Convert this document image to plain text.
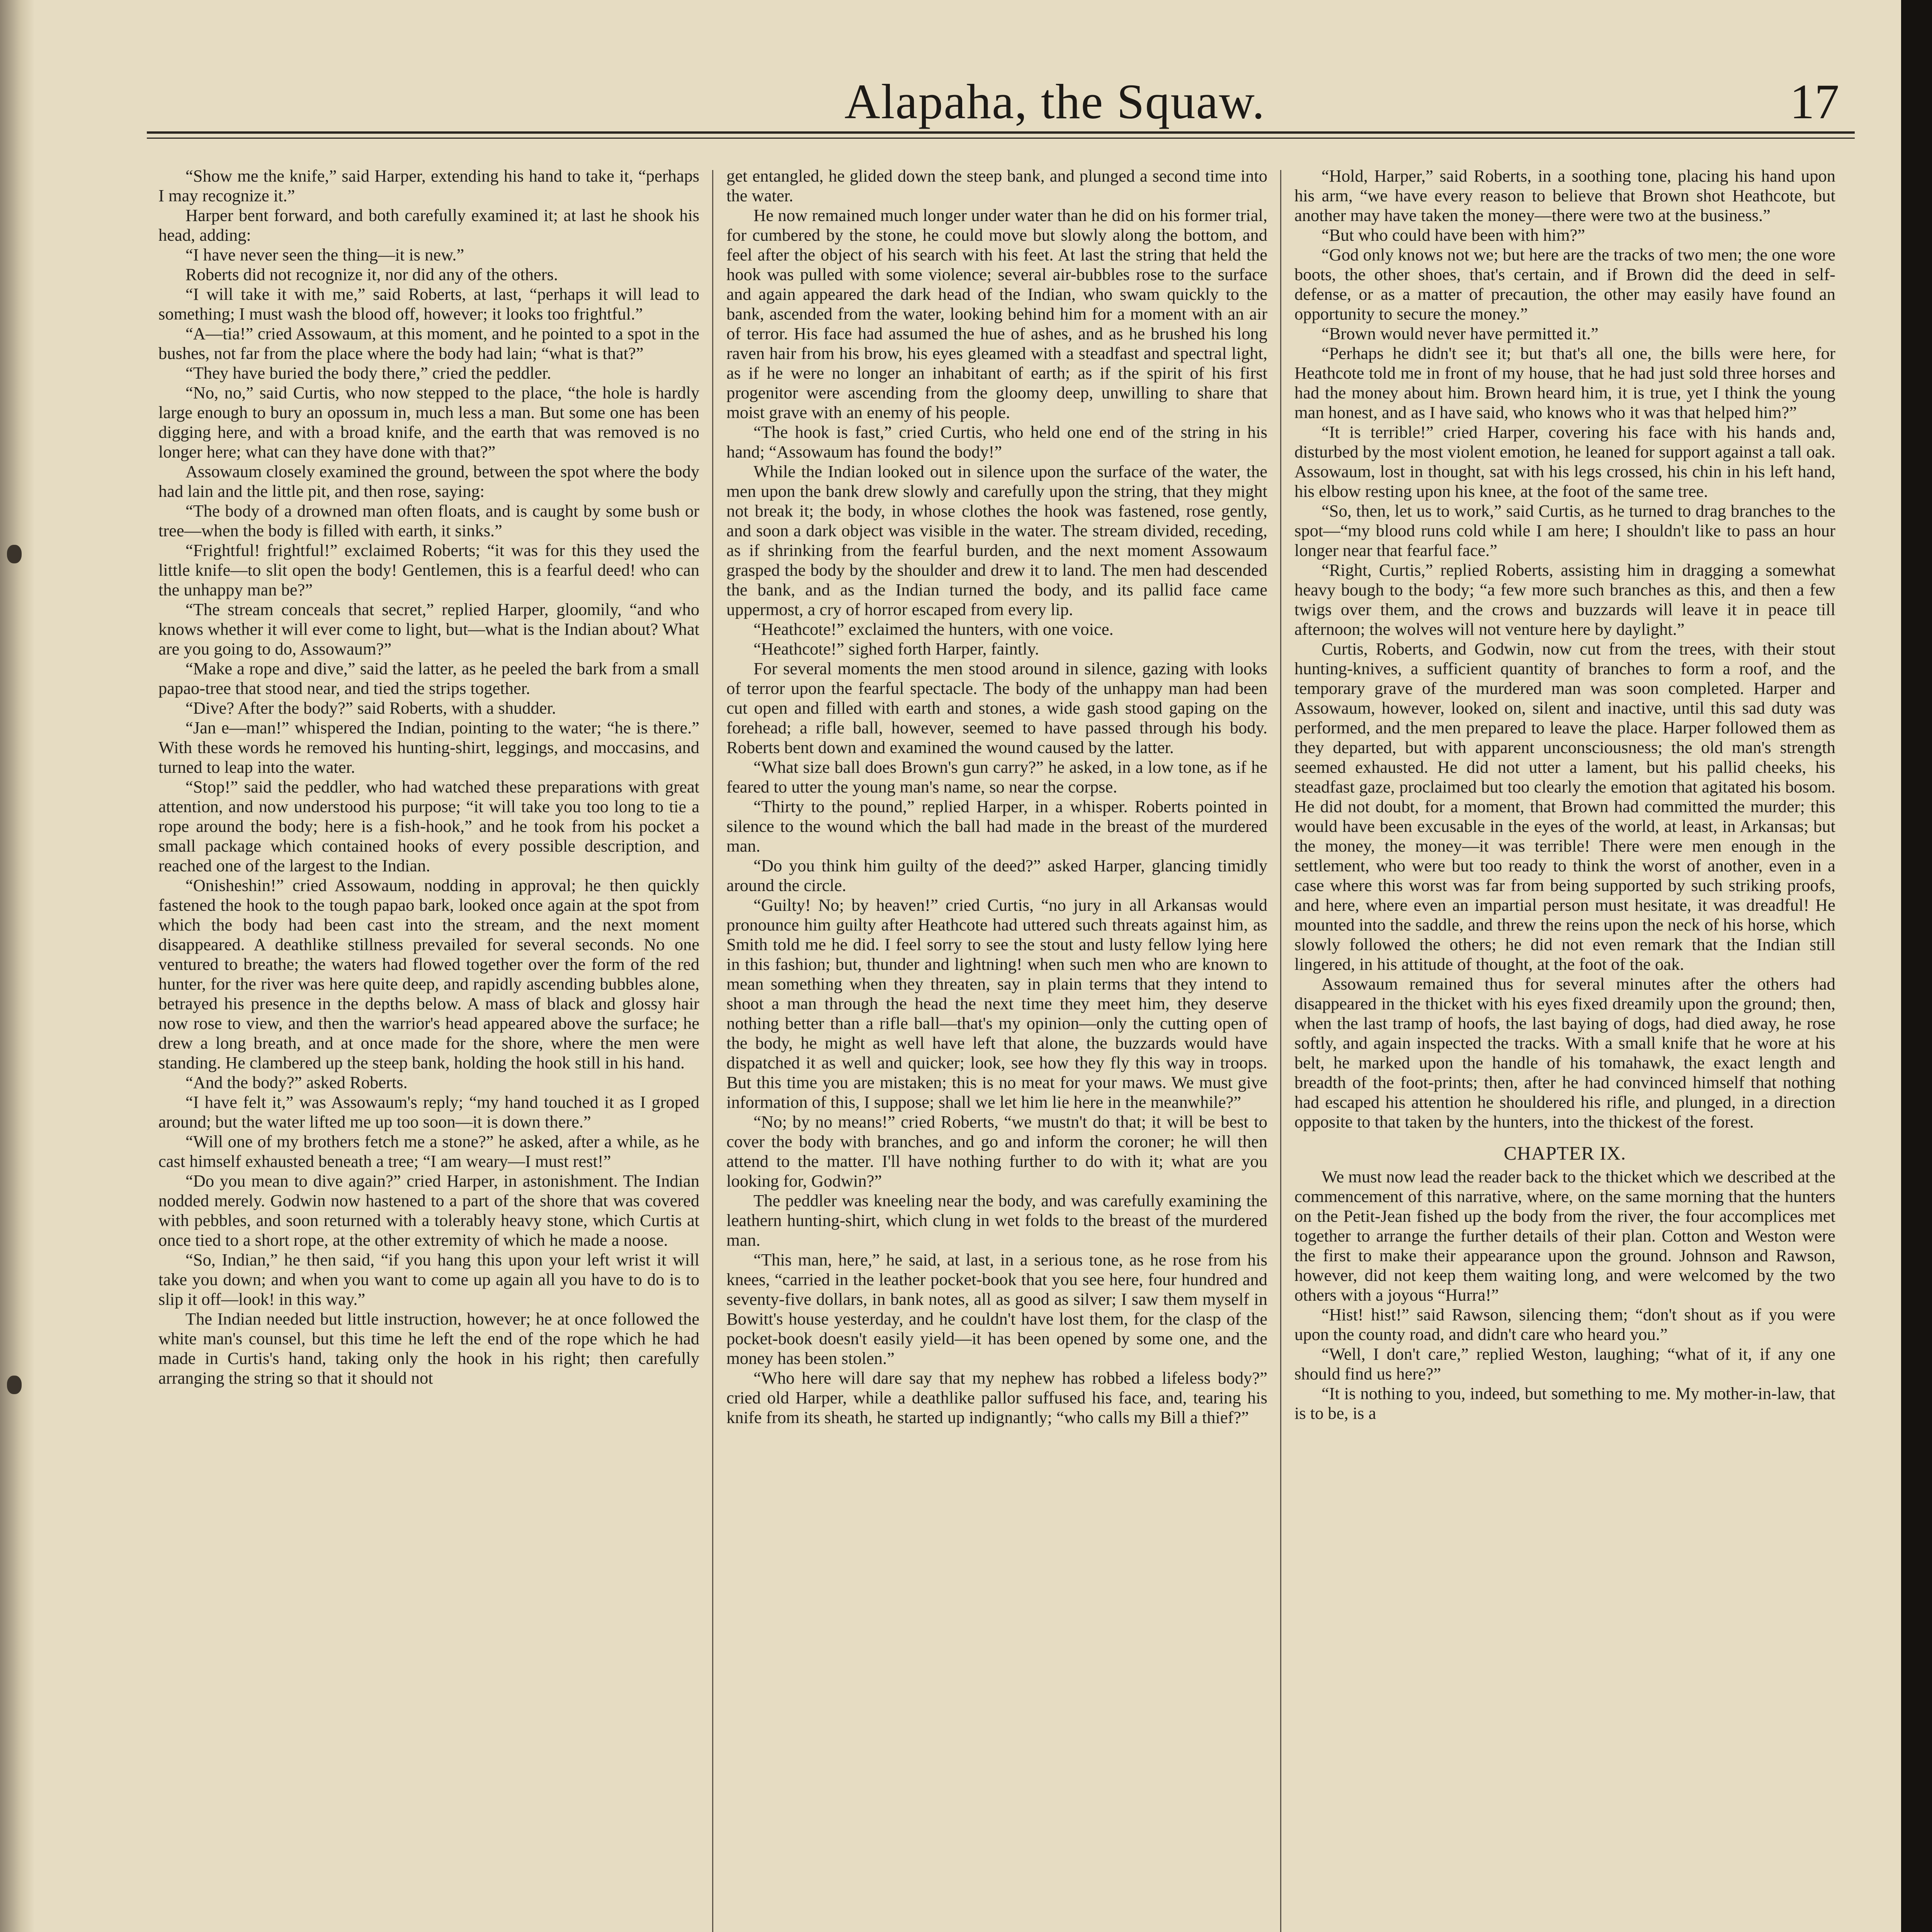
Alapaha, the Squaw.	17

“Show me the knife,” said Harper, extending his hand to take it, “perhaps I may recognize it.”

Harper bent forward, and both carefully examined it; at last he shook his head, adding:

“I have never seen the thing—it is new.”

Roberts did not recognize it, nor did any of the others.

“I will take it with me,” said Roberts, at last, “perhaps it will lead to something; I must wash the blood off, however; it looks too frightful.”

“A—tia!” cried Assowaum, at this moment, and he pointed to a spot in the bushes, not far from the place where the body had lain; “what is that?”

“They have buried the body there,” cried the peddler.

“No, no,” said Curtis, who now stepped to the place, “the hole is hardly large enough to bury an opossum in, much less a man. But some one has been digging here, and with a broad knife, and the earth that was removed is no longer here; what can they have done with that?”

Assowaum closely examined the ground, between the spot where the body had lain and the little pit, and then rose, saying:

“The body of a drowned man often floats, and is caught by some bush or tree—when the body is filled with earth, it sinks.”

“Frightful! frightful!” exclaimed Roberts; “it was for this they used the little knife—to slit open the body! Gentlemen, this is a fearful deed! who can the unhappy man be?”

“The stream conceals that secret,” replied Harper, gloomily, “and who knows whether it will ever come to light, but—what is the Indian about? What are you going to do, Assowaum?”

“Make a rope and dive,” said the latter, as he peeled the bark from a small papao-tree that stood near, and tied the strips together.

“Dive? After the body?” said Roberts, with a shudder.

“Jan e—man!” whispered the Indian, pointing to the water; “he is there.” With these words he removed his hunting-shirt, leggings, and moccasins, and turned to leap into the water.

“Stop!” said the peddler, who had watched these preparations with great attention, and now understood his purpose; “it will take you too long to tie a rope around the body; here is a fish-hook,” and he took from his pocket a small package which contained hooks of every possible description, and reached one of the largest to the Indian.

“Onisheshin!” cried Assowaum, nodding in approval; he then quickly fastened the hook to the tough papao bark, looked once again at the spot from which the body had been cast into the stream, and the next moment disappeared. A deathlike stillness prevailed for several seconds. No one ventured to breathe; the waters had flowed together over the form of the red hunter, for the river was here quite deep, and rapidly ascending bubbles alone, betrayed his presence in the depths below. A mass of black and glossy hair now rose to view, and then the warrior's head appeared above the surface; he drew a long breath, and at once made for the shore, where the men were standing. He clambered up the steep bank, holding the hook still in his hand.

“And the body?” asked Roberts.

“I have felt it,” was Assowaum's reply; “my hand touched it as I groped around; but the water lifted me up too soon—it is down there.”

“Will one of my brothers fetch me a stone?” he asked, after a while, as he cast himself exhausted beneath a tree; “I am weary—I must rest!”

“Do you mean to dive again?” cried Harper, in astonishment. The Indian nodded merely. Godwin now hastened to a part of the shore that was covered with pebbles, and soon returned with a tolerably heavy stone, which Curtis at once tied to a short rope, at the other extremity of which he made a noose.

“So, Indian,” he then said, “if you hang this upon your left wrist it will take you down; and when you want to come up again all you have to do is to slip it off—look! in this way.”

The Indian needed but little instruction, however; he at once followed the white man's counsel, but this time he left the end of the rope which he had made in Curtis's hand, taking only the hook in his right; then carefully arranging the string so that it should not

get entangled, he glided down the steep bank, and plunged a second time into the water.

He now remained much longer under water than he did on his former trial, for cumbered by the stone, he could move but slowly along the bottom, and feel after the object of his search with his feet. At last the string that held the hook was pulled with some violence; several air-bubbles rose to the surface and again appeared the dark head of the Indian, who swam quickly to the bank, ascended from the water, looking behind him for a moment with an air of terror. His face had assumed the hue of ashes, and as he brushed his long raven hair from his brow, his eyes gleamed with a steadfast and spectral light, as if he were no longer an inhabitant of earth; as if the spirit of his first progenitor were ascending from the gloomy deep, unwilling to share that moist grave with an enemy of his people.

“The hook is fast,” cried Curtis, who held one end of the string in his hand; “Assowaum has found the body!”

While the Indian looked out in silence upon the surface of the water, the men upon the bank drew slowly and carefully upon the string, that they might not break it; the body, in whose clothes the hook was fastened, rose gently, and soon a dark object was visible in the water. The stream divided, receding, as if shrinking from the fearful burden, and the next moment Assowaum grasped the body by the shoulder and drew it to land. The men had descended the bank, and as the Indian turned the body, and its pallid face came uppermost, a cry of horror escaped from every lip.

“Heathcote!” exclaimed the hunters, with one voice.

“Heathcote!” sighed forth Harper, faintly.

For several moments the men stood around in silence, gazing with looks of terror upon the fearful spectacle. The body of the unhappy man had been cut open and filled with earth and stones, a wide gash stood gaping on the forehead; a rifle ball, however, seemed to have passed through his body. Roberts bent down and examined the wound caused by the latter.

“What size ball does Brown's gun carry?” he asked, in a low tone, as if he feared to utter the young man's name, so near the corpse.

“Thirty to the pound,” replied Harper, in a whisper. Roberts pointed in silence to the wound which the ball had made in the breast of the murdered man.

“Do you think him guilty of the deed?” asked Harper, glancing timidly around the circle.

“Guilty! No; by heaven!” cried Curtis, “no jury in all Arkansas would pronounce him guilty after Heathcote had uttered such threats against him, as Smith told me he did. I feel sorry to see the stout and lusty fellow lying here in this fashion; but, thunder and lightning! when such men who are known to mean something when they threaten, say in plain terms that they intend to shoot a man through the head the next time they meet him, they deserve nothing better than a rifle ball—that's my opinion—only the cutting open of the body, he might as well have left that alone, the buzzards would have dispatched it as well and quicker; look, see how they fly this way in troops. But this time you are mistaken; this is no meat for your maws. We must give information of this, I suppose; shall we let him lie here in the meanwhile?”

“No; by no means!” cried Roberts, “we mustn't do that; it will be best to cover the body with branches, and go and inform the coroner; he will then attend to the matter. I'll have nothing further to do with it; what are you looking for, Godwin?”

The peddler was kneeling near the body, and was carefully examining the leathern hunting-shirt, which clung in wet folds to the breast of the murdered man.

“This man, here,” he said, at last, in a serious tone, as he rose from his knees, “carried in the leather pocket-book that you see here, four hundred and seventy-five dollars, in bank notes, all as good as silver; I saw them myself in Bowitt's house yesterday, and he couldn't have lost them, for the clasp of the pocket-book doesn't easily yield—it has been opened by some one, and the money has been stolen.”

“Who here will dare say that my nephew has robbed a lifeless body?” cried old Harper, while a deathlike pallor suffused his face, and, tearing his knife from its sheath, he started up indignantly; “who calls my Bill a thief?”

“Hold, Harper,” said Roberts, in a soothing tone, placing his hand upon his arm, “we have every reason to believe that Brown shot Heathcote, but another may have taken the money—there were two at the business.”

“But who could have been with him?”

“God only knows not we; but here are the tracks of two men; the one wore boots, the other shoes, that's certain, and if Brown did the deed in self-defense, or as a matter of precaution, the other may easily have found an opportunity to secure the money.”

“Brown would never have permitted it.”

“Perhaps he didn't see it; but that's all one, the bills were here, for Heathcote told me in front of my house, that he had just sold three horses and had the money about him. Brown heard him, it is true, yet I think the young man honest, and as I have said, who knows who it was that helped him?”

“It is terrible!” cried Harper, covering his face with his hands and, disturbed by the most violent emotion, he leaned for support against a tall oak. Assowaum, lost in thought, sat with his legs crossed, his chin in his left hand, his elbow resting upon his knee, at the foot of the same tree.

“So, then, let us to work,” said Curtis, as he turned to drag branches to the spot—“my blood runs cold while I am here; I shouldn't like to pass an hour longer near that fearful face.”

“Right, Curtis,” replied Roberts, assisting him in dragging a somewhat heavy bough to the body; “a few more such branches as this, and then a few twigs over them, and the crows and buzzards will leave it in peace till afternoon; the wolves will not venture here by daylight.”

Curtis, Roberts, and Godwin, now cut from the trees, with their stout hunting-knives, a sufficient quantity of branches to form a roof, and the temporary grave of the murdered man was soon completed. Harper and Assowaum, however, looked on, silent and inactive, until this sad duty was performed, and the men prepared to leave the place. Harper followed them as they departed, but with apparent unconsciousness; the old man's strength seemed exhausted. He did not utter a lament, but his pallid cheeks, his steadfast gaze, proclaimed but too clearly the emotion that agitated his bosom. He did not doubt, for a moment, that Brown had committed the murder; this would have been excusable in the eyes of the world, at least, in Arkansas; but the money, the money—it was terrible! There were men enough in the settlement, who were but too ready to think the worst of another, even in a case where this worst was far from being supported by such striking proofs, and here, where even an impartial person must hesitate, it was dreadful! He mounted into the saddle, and threw the reins upon the neck of his horse, which slowly followed the others; he did not even remark that the Indian still lingered, in his attitude of thought, at the foot of the oak.

Assowaum remained thus for several minutes after the others had disappeared in the thicket with his eyes fixed dreamily upon the ground; then, when the last tramp of hoofs, the last baying of dogs, had died away, he rose softly, and again inspected the tracks. With a small knife that he wore at his belt, he marked upon the handle of his tomahawk, the exact length and breadth of the foot-prints; then, after he had convinced himself that nothing had escaped his attention he shouldered his rifle, and plunged, in a direction opposite to that taken by the hunters, into the thickest of the forest.

CHAPTER IX.

We must now lead the reader back to the thicket which we described at the commencement of this narrative, where, on the same morning that the hunters on the Petit-Jean fished up the body from the river, the four accomplices met together to arrange the further details of their plan. Cotton and Weston were the first to make their appearance upon the ground. Johnson and Rawson, however, did not keep them waiting long, and were welcomed by the two others with a joyous “Hurra!”

“Hist! hist!” said Rawson, silencing them; “don't shout as if you were upon the county road, and didn't care who heard you.”

“Well, I don't care,” replied Weston, laughing; “what of it, if any one should find us here?”

“It is nothing to you, indeed, but something to me. My mother-in-law, that is to be, is a
